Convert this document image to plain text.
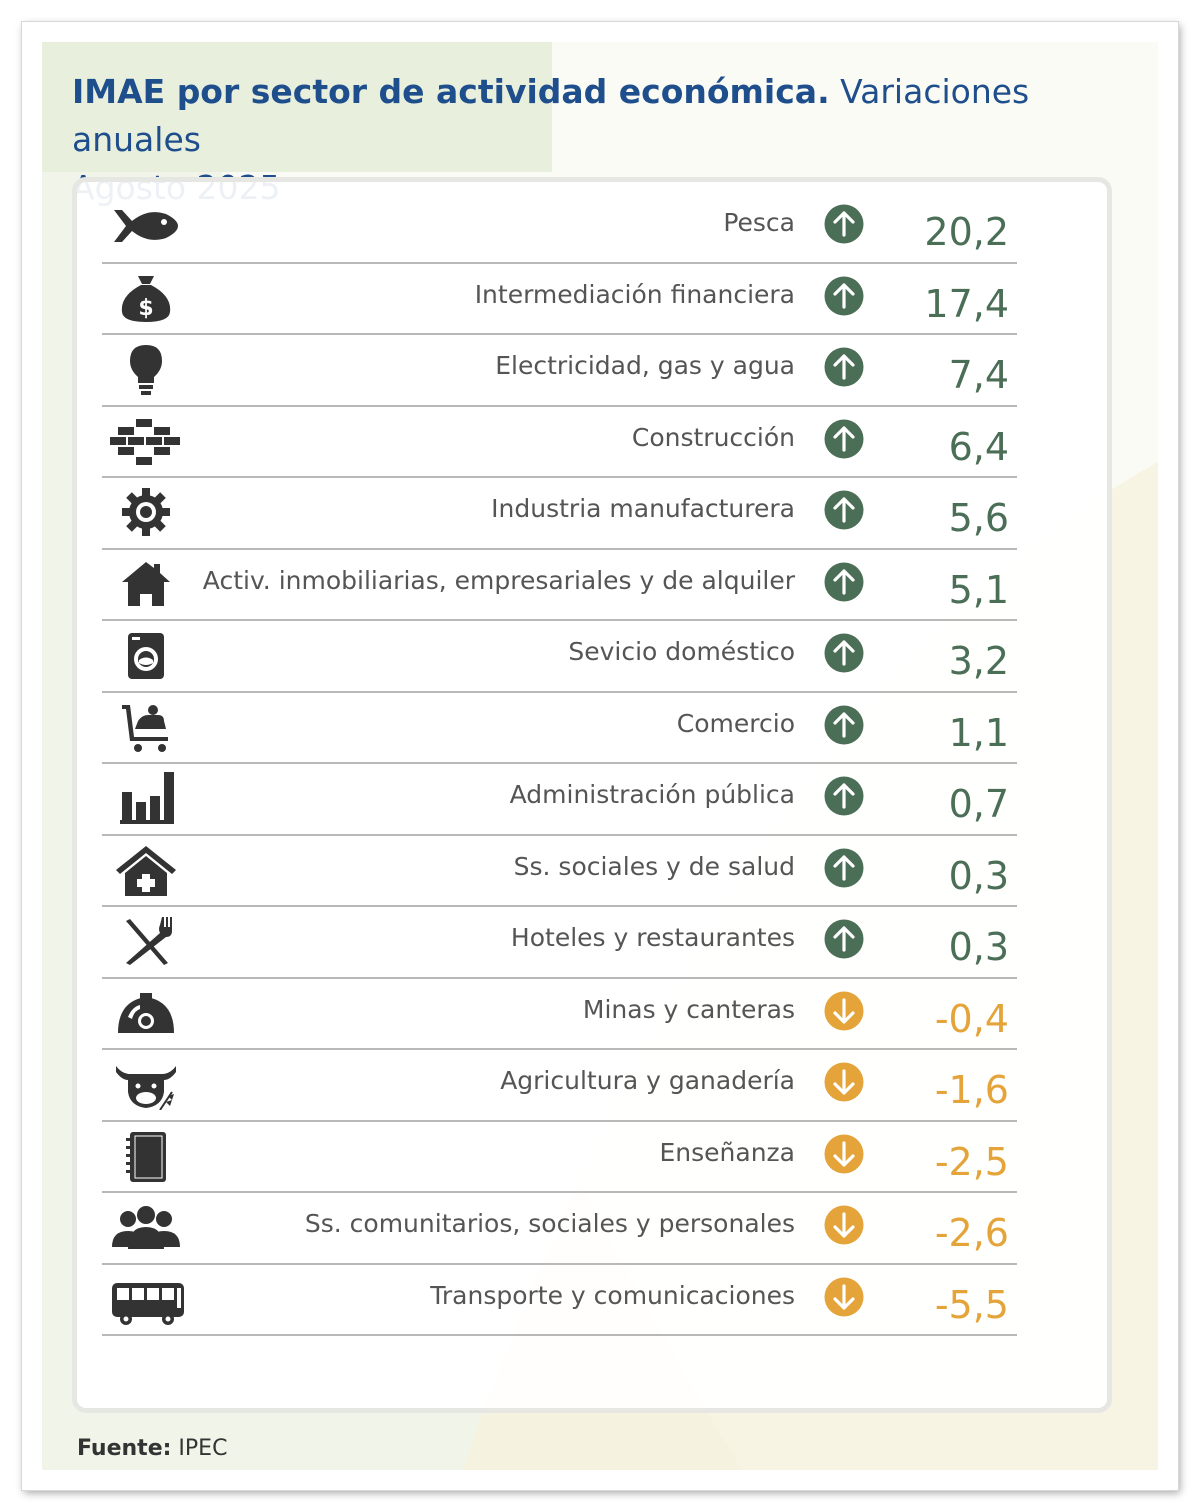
IMAE por sector de actividad económica. Variaciones anuales

Pesca	20,2
$	Intermediación financiera	17,4
Electricidad, gas y agua	7,4
Construcción	6,4
Industria manufacturera	5,6
Activ. inmobiliarias, empresariales y de alquiler	5,1
Sevicio doméstico	3,2
Comercio	1,1
Administración pública	0,7
Ss. sociales y de salud	0,3
Hoteles y restaurantes	0,3
Minas y canteras	-0,4
Agricultura y ganadería	-1,6
Enseñanza	-2,5
Ss. comunitarios, sociales y personales	-2,6
Transporte y comunicaciones	-5,5
Fuente: IPEC
